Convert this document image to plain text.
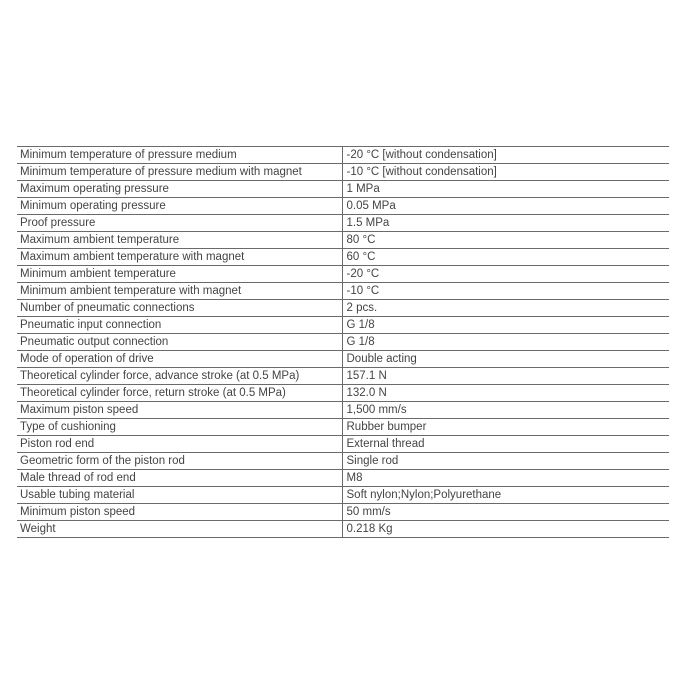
Minimum temperature of pressure medium	-20 °C [without condensation]
Minimum temperature of pressure medium with magnet	-10 °C [without condensation]
Maximum operating pressure	1 MPa
Minimum operating pressure	0.05 MPa
Proof pressure	1.5 MPa
Maximum ambient temperature	80 °C
Maximum ambient temperature with magnet	60 °C
Minimum ambient temperature	-20 °C
Minimum ambient temperature with magnet	-10 °C
Number of pneumatic connections	2 pcs.
Pneumatic input connection	G 1/8
Pneumatic output connection	G 1/8
Mode of operation of drive	Double acting
Theoretical cylinder force, advance stroke (at 0.5 MPa)	157.1 N
Theoretical cylinder force, return stroke (at 0.5 MPa)	132.0 N
Maximum piston speed	1,500 mm/s
Type of cushioning	Rubber bumper
Piston rod end	External thread
Geometric form of the piston rod	Single rod
Male thread of rod end	M8
Usable tubing material	Soft nylon;Nylon;Polyurethane
Minimum piston speed	50 mm/s
Weight	0.218 Kg
